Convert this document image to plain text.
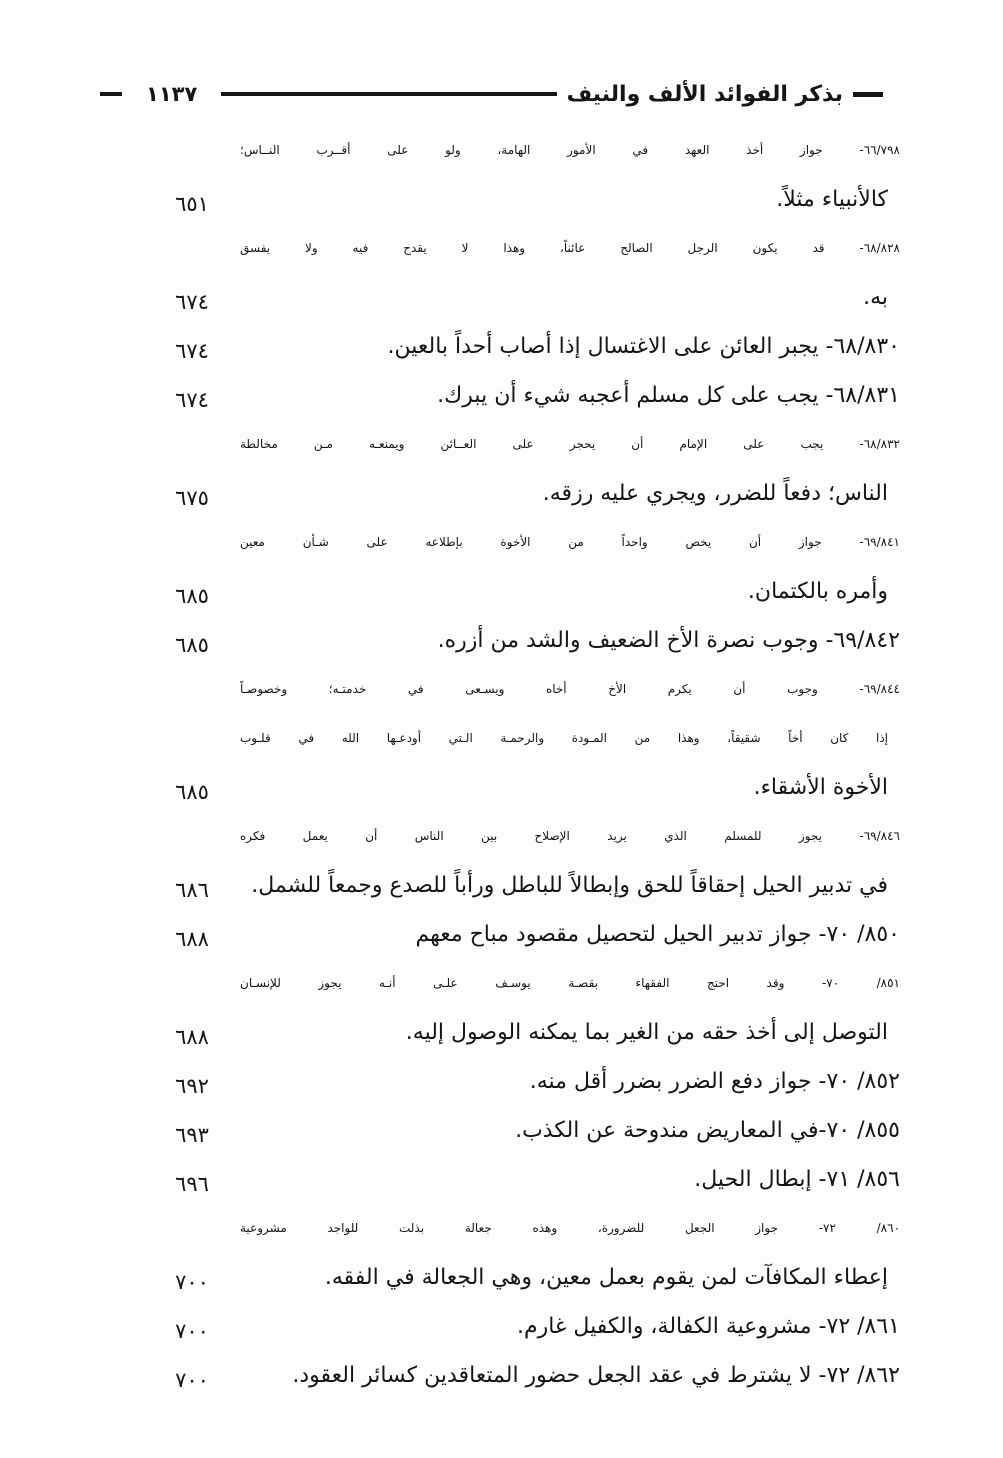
بذكر الفوائد الألف والنيف
١١٣٧
٧٩٨/‏٦٦- جواز أخذ العهد في الأمور الهامة، ولو على أقــرب النــاس؛
كالأنبياء مثلاً.
٦٥١
٨٢٨/‏٦٨- قد يكون الرجل الصالح عائناً، وهذا لا يقدح فيه ولا يفسق
به.
٦٧٤
٨٣٠/‏٦٨- يجبر العائن على الاغتسال إذا أصاب أحداً بالعين.
٦٧٤
٨٣١/‏٦٨- يجب على كل مسلم أعجبه شيء أن يبرك.
٦٧٤
٨٣٢/‏٦٨- يجب على الإمام أن يحجر على العــائن ويمنعـه مـن مخالطة
الناس؛ دفعاً للضرر، ويجري عليه رزقه.
٦٧٥
٨٤١/‏٦٩- جواز أن يخص واحداً من الأخوة بإطلاعه على شـأن معين
وأمره بالكتمان.
٦٨٥
٨٤٢/‏٦٩- وجوب نصرة الأخ الضعيف والشد من أزره.
٦٨٥
٨٤٤/‏٦٩- وجوب أن يكرم الأخ أخاه ويسـعى في خدمتـه؛ وخصوصـاً
إذا كان أخاً شقيقاً، وهذا من المـودة والرحمـة الـتي أودعـها الله في قلـوب
الأخوة الأشقاء.
٦٨٥
٨٤٦/‏٦٩- يجوز للمسلم الذي يريد الإصلاح بين الناس أن يعمل فكره
في تدبير الحيل إحقاقاً للحق وإبطالاً للباطل ورأباً للصدع وجمعاً للشمل.
٦٨٦
٨٥٠/ ٧٠- جواز تدبير الحيل لتحصيل مقصود مباح معهم
٦٨٨
٨٥١/ ٧٠- وقد احتج الفقهاء بقصـة يوسـف علـى أنـه يجوز للإنسـان
التوصل إلى أخذ حقه من الغير بما يمكنه الوصول إليه.
٦٨٨
٨٥٢/ ٧٠- جواز دفع الضرر بضرر أقل منه.
٦٩٢
٨٥٥/ ٧٠-في المعاريض مندوحة عن الكذب.
٦٩٣
٨٥٦/ ٧١- إبطال الحيل.
٦٩٦
٨٦٠/ ٧٢- جواز الجعل للضرورة، وهذه جعالة بذلت للواجد مشروعية
إعطاء المكافآت لمن يقوم بعمل معين، وهي الجعالة في الفقه.
٧٠٠
٨٦١/ ٧٢- مشروعية الكفالة، والكفيل غارم.
٧٠٠
٨٦٢/ ٧٢- لا يشترط في عقد الجعل حضور المتعاقدين كسائر العقود.
٧٠٠
